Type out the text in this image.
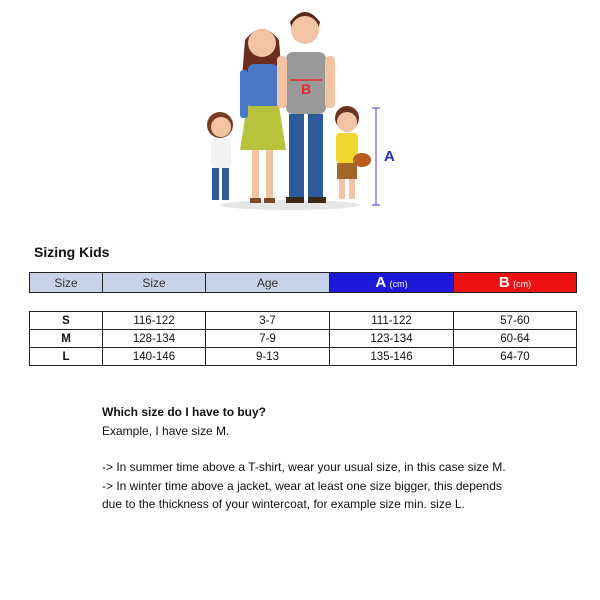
B
A
Sizing Kids
Size	Size	Age	A (cm)	B (cm)
S	116-122	3-7	111-122	57-60
M	128-134	7-9	123-134	60-64
L	140-146	9-13	135-146	64-70

Which size do I have to buy?

Example, I have size M.

-> In summer time above a T-shirt, wear your usual size, in this case size M.

-> In winter time above a jacket, wear at least one size bigger, this depends due to the thickness of your wintercoat, for example size min. size L.
